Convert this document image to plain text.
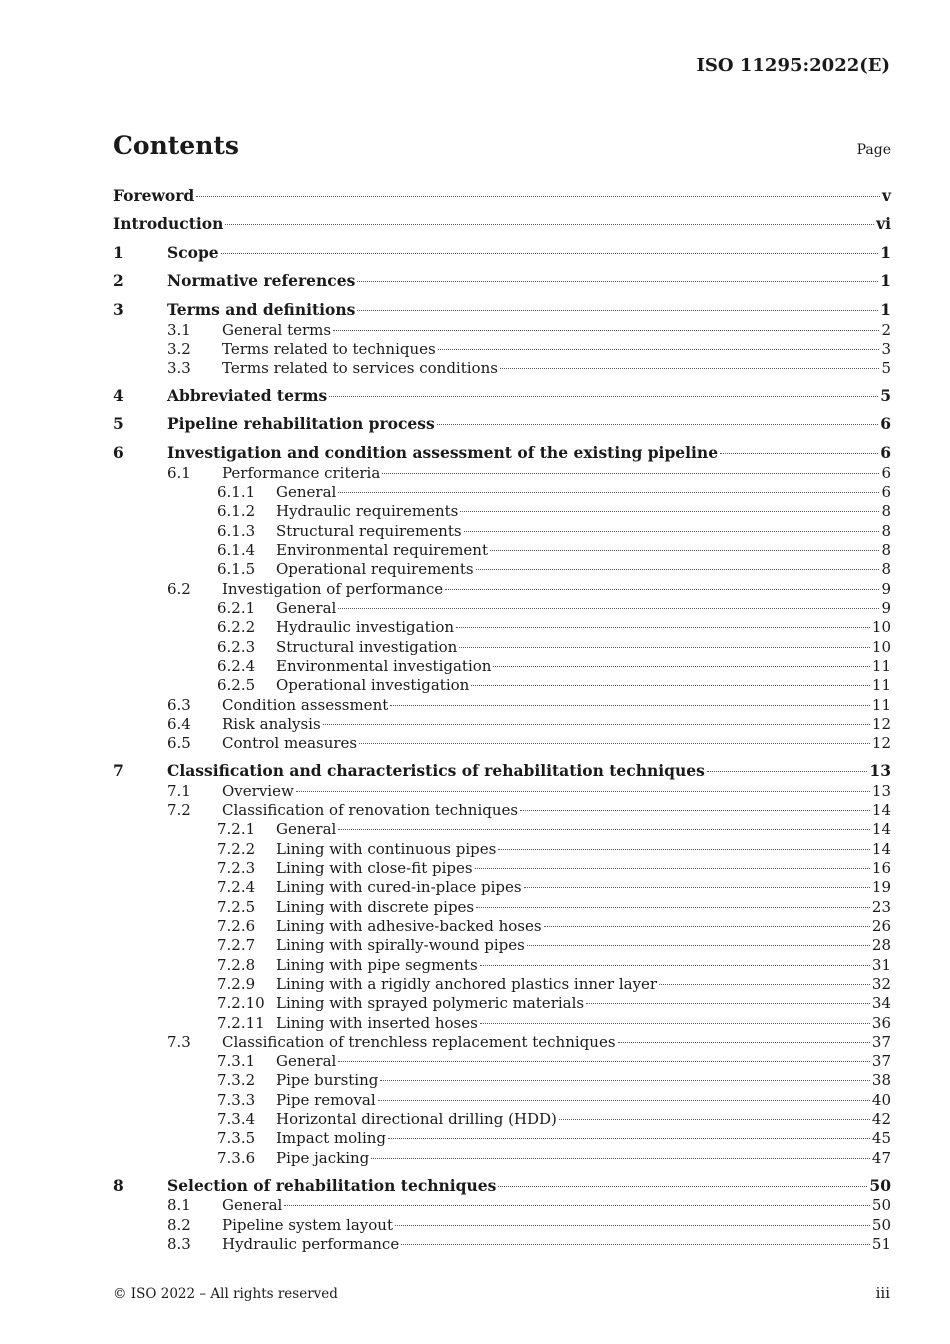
ISO 11295:2022(E)
Contents	Page
Foreword	v
Introduction	vi
1	Scope	1
2	Normative references	1
3	Terms and definitions	1
3.1	General terms	2
3.2	Terms related to techniques	3
3.3	Terms related to services conditions	5
4	Abbreviated terms	5
5	Pipeline rehabilitation process	6
6	Investigation and condition assessment of the existing pipeline	6
6.1	Performance criteria	6
6.1.1	General	6
6.1.2	Hydraulic requirements	8
6.1.3	Structural requirements	8
6.1.4	Environmental requirement	8
6.1.5	Operational requirements	8
6.2	Investigation of performance	9
6.2.1	General	9
6.2.2	Hydraulic investigation	10
6.2.3	Structural investigation	10
6.2.4	Environmental investigation	11
6.2.5	Operational investigation	11
6.3	Condition assessment	11
6.4	Risk analysis	12
6.5	Control measures	12
7	Classification and characteristics of rehabilitation techniques	13
7.1	Overview	13
7.2	Classification of renovation techniques	14
7.2.1	General	14
7.2.2	Lining with continuous pipes	14
7.2.3	Lining with close-fit pipes	16
7.2.4	Lining with cured-in-place pipes	19
7.2.5	Lining with discrete pipes	23
7.2.6	Lining with adhesive-backed hoses	26
7.2.7	Lining with spirally-wound pipes	28
7.2.8	Lining with pipe segments	31
7.2.9	Lining with a rigidly anchored plastics inner layer	32
7.2.10 Lining with sprayed polymeric materials	34
7.2.11 Lining with inserted hoses	36
7.3	Classification of trenchless replacement techniques	37
7.3.1	General	37
7.3.2	Pipe bursting	38
7.3.3	Pipe removal	40
7.3.4	Horizontal directional drilling (HDD)	42
7.3.5	Impact moling	45
7.3.6	Pipe jacking	47
8	Selection of rehabilitation techniques	50
8.1	General	50
8.2	Pipeline system layout	50
8.3	Hydraulic performance	51
© ISO 2022 – All rights reserved	iii
